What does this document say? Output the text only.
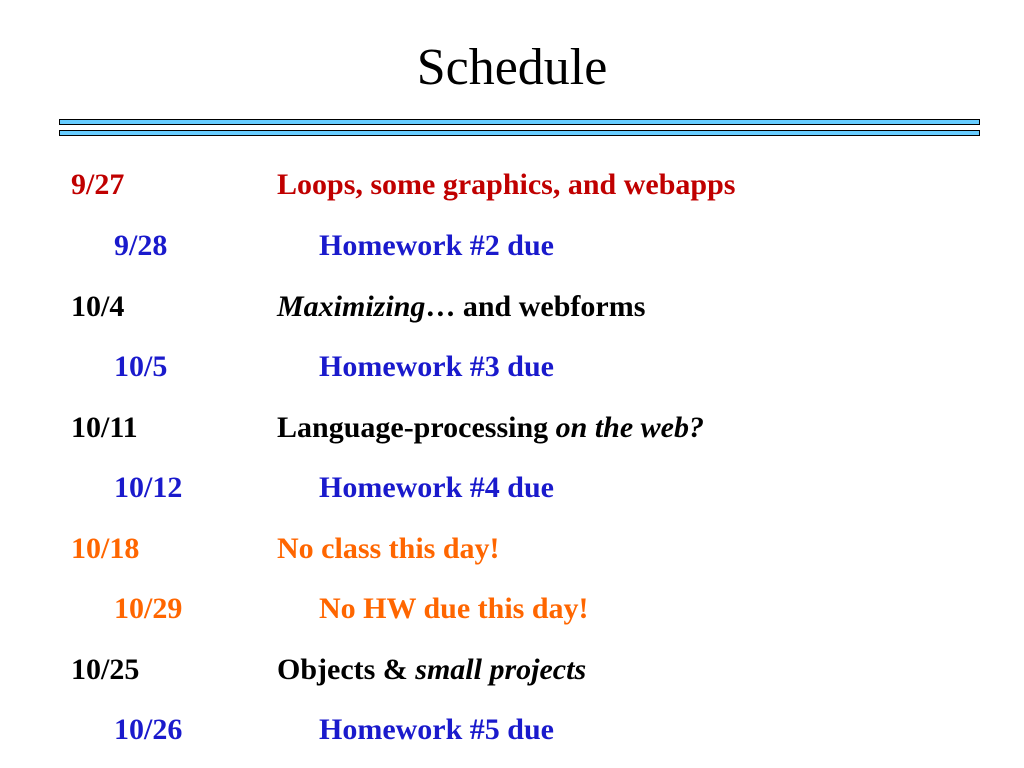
Schedule
9/27	Loops, some graphics, and webapps
9/28	Homework #2 due
10/4	Maximizing… and webforms
10/5	Homework #3 due
10/11	Language-processing on the web?
10/12	Homework #4 due
10/18	No class this day!
10/29	No HW due this day!
10/25	Objects & small projects
10/26	Homework #5 due
